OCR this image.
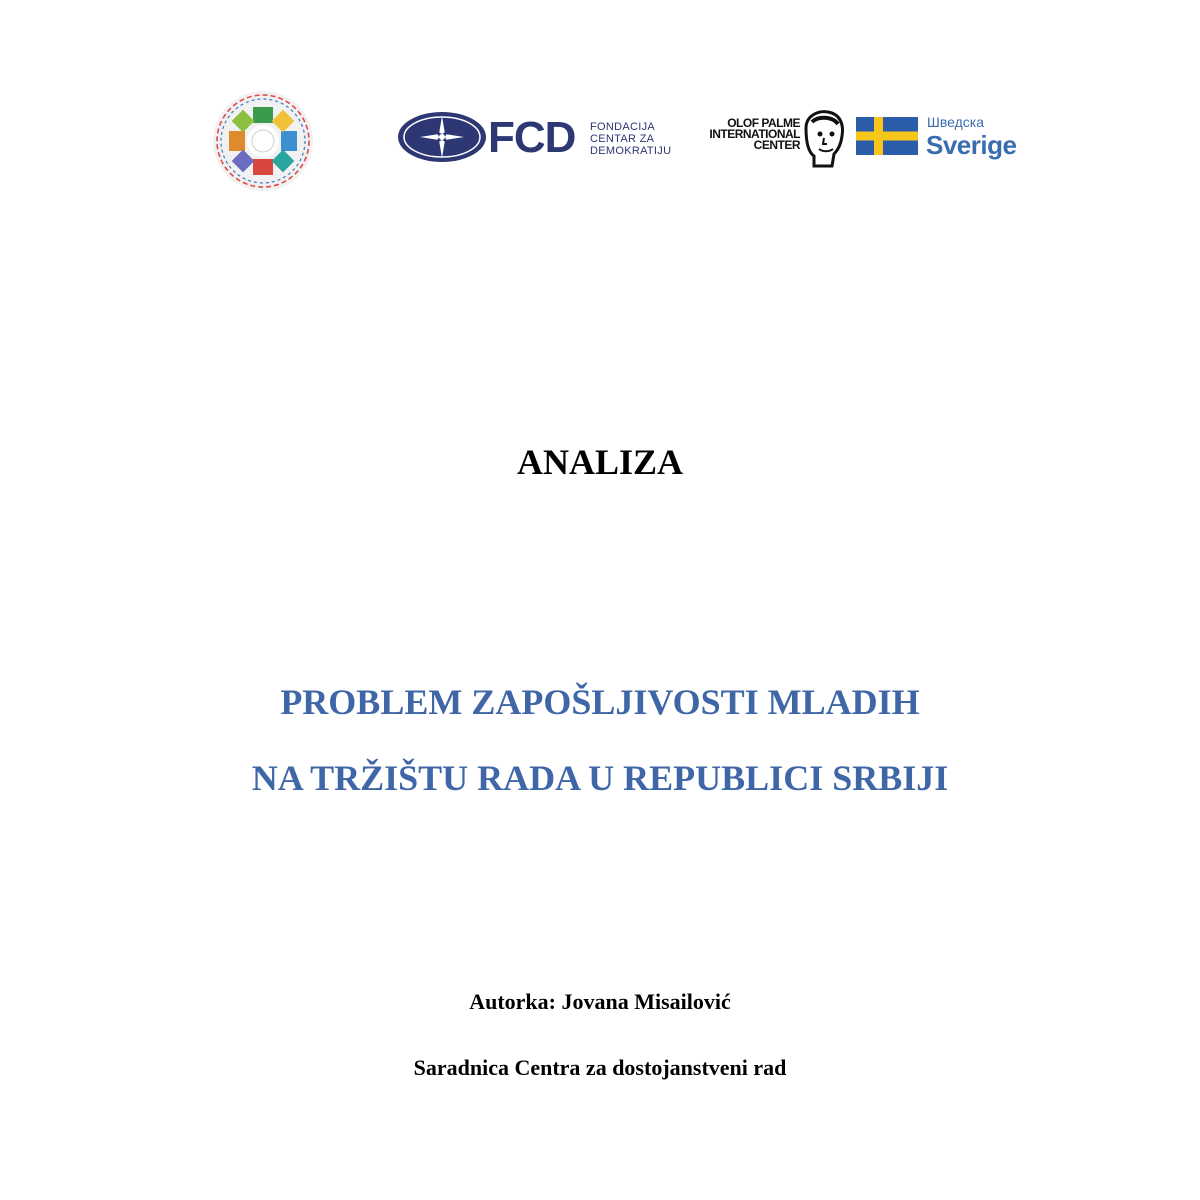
FCD FONDACIJA
CENTAR ZA
DEMOKRATIJU
OLOF PALME
INTERNATIONAL
CENTER
Шведска
Sverige
ANALIZA
PROBLEM ZAPOŠLJIVOSTI MLADIH
NA TRŽIŠTU RADA U REPUBLICI SRBIJI
Autorka: Jovana Misailović
Saradnica Centra za dostojanstveni rad
